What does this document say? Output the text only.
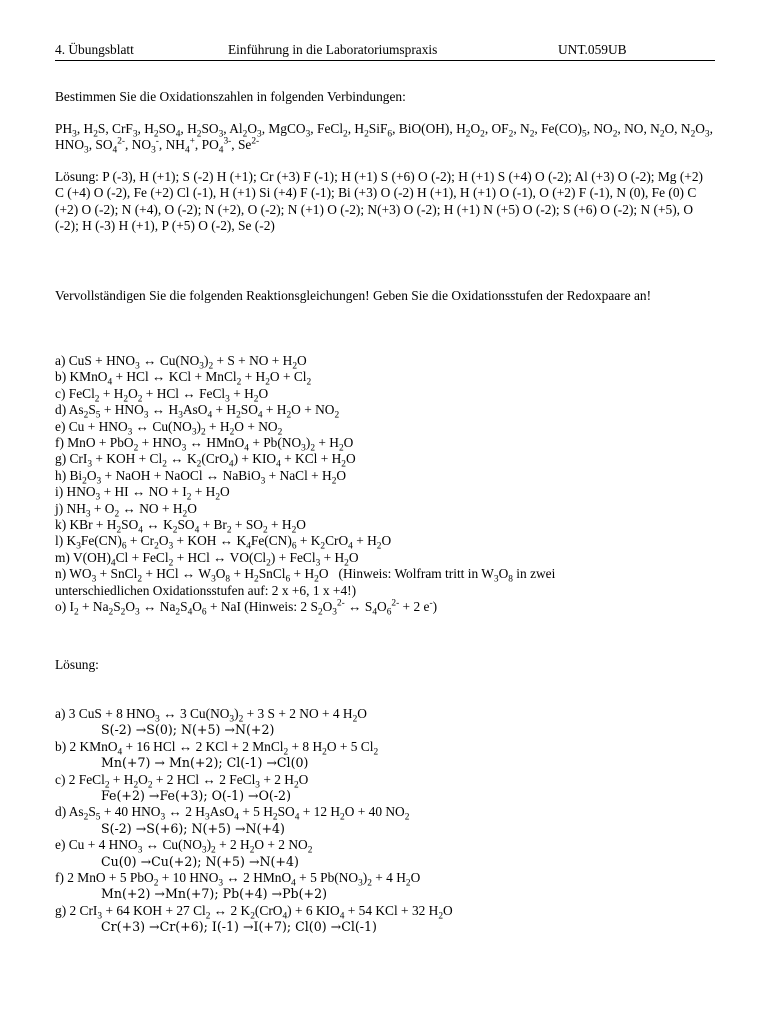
4. Übungsblatt	Einführung in die Laboratoriumspraxis	UNT.059UB
Bestimmen Sie die Oxidationszahlen in folgenden Verbindungen:
$PH_3$, $H_2S$, CrF$_3$, $H_2SO_4$, $H_2SO_3$, $Al_2O_3$, MgCO$_3$, FeCl$_2$, $H_2SiF_6$, BiO(OH), $H_2O_2$, $OF_2$, $N_2$, $Fe(CO)_5$, $NO_2$, NO, $N_2O$, $N_2O_3$, $HNO_3$, $SO_4^{2-}$, $NO_3^-$, $NH_4^+$, $PO_4^{3-}$, $Se^{2-}$
Lösung: P (-3), H (+1); S (-2) H (+1); Cr (+3) F (-1); H (+1) S (+6) O (-2); H (+1) S (+4) O (-2); Al (+3) O (-2); Mg (+2) C (+4) O (-2), Fe (+2) Cl (-1), H (+1) Si (+4) F (-1); Bi (+3) O (-2) H (+1), H (+1) O (-1), O (+2) F (-1), N (0), Fe (0) C (+2) O (-2); N (+4), O (-2); N (+2), O (-2); N (+1) O (-2); N(+3) O (-2); H (+1) N (+5) O (-2); S (+6) O (-2); N (+5), O (-2); H (-3) H (+1), P (+5) O (-2), Se (-2)
Vervollständigen Sie die folgenden Reaktionsgleichungen! Geben Sie die Oxidationsstufen der Redoxpaare an!
a) CuS + $HNO_3$ ↔ $Cu(NO_3)_2 + S$ + NO + $H_2O$
b) KMnO$_4$ + HCl ↔ KCl + MnCl$_2$ + $H_2O + Cl_2$
c) FeCl$_2$ + $H_2O_2$ + HCl ↔ FeCl$_3$ + $H_2O$
d) $As_2S_5 + HNO_3$ ↔ $H_3AsO_4 + H_2SO_4 + H_2O + NO_2$
e) $Cu + HNO_3$ ↔ $Cu(NO_3)_2 + H_2O + NO_2$
f) MnO + $PbO_2 + HNO_3$ ↔ HMnO$_4$ + $Pb(NO_3)_2 + H_2O$
g) CrI$_3$ + KOH + $Cl_2$ ↔ $K_2(CrO_4) + KIO_4$ + KCl + $H_2O$
h) $Bi_2O_3$ + NaOH + NaOCl ↔ NaBiO$_3$ + NaCl + $H_2O$
i) $HNO_3$ + HI ↔ NO + $I_2 + H_2O$
j) $NH_3 + O_2$ ↔ NO + $H_2O$
k) KBr + $H_2SO_4$ ↔ $K_2SO_4 + Br_2 + SO_2 + H_2O$
l) $K_3Fe(CN)_6 + Cr_2O_3$ + KOH ↔ $K_4Fe(CN)_6 + K_2CrO_4 + H_2O$
m) $V(OH)_4Cl$ + FeCl$_2$ + HCl ↔ $VO(Cl_2)$ + FeCl$_3$ + $H_2O$
n) $WO_3$ + SnCl$_2$ + HCl ↔ $W_3O_8$ + $H_2SnCl_6 + H_2O$   (Hinweis: Wolfram tritt in $W_3O_8$ in zwei
unterschiedlichen Oxidationsstufen auf: 2 x +6, 1 x +4!)
o) $I_2 + Na_2S_2O_3$ ↔ $Na_2S_4O_6$ + NaI (Hinweis: 2 $S_2O_3^{2-}$ ↔ $S_4O_6^{2-} + 2$ e-)
Lösung:
a) 3 CuS + 8 $HNO_3$ ↔ 3 $Cu(NO_3)_2 + 3$ S + 2 NO + 4 $H_2O$
S(-2) →S(0); N(+5) →N(+2)
b) 2 KMnO$_4$ + 16 HCl ↔ 2 KCl + 2 MnCl$_2$ + 8 $H_2O + 5$ $Cl_2$
Mn(+7) → Mn(+2); Cl(-1) →Cl(0)
c) 2 FeCl$_2$ + $H_2O_2 + 2$ HCl ↔ 2 FeCl$_3$ + 2 $H_2O$
Fe(+2) →Fe(+3); O(-1) →O(-2)
d) $As_2S_5 + 40$ $HNO_3$ ↔ 2 $H_3AsO_4 + 5$ $H_2SO_4 + 12$ $H_2O + 40$ $NO_2$
S(-2) →S(+6); N(+5) →N(+4)
e) Cu + 4 $HNO_3$ ↔ $Cu(NO_3)_2 + 2$ $H_2O + 2$ $NO_2$
Cu(0) →Cu(+2); N(+5) →N(+4)
f) 2 MnO + 5 PbO$_2$ + 10 $HNO_3$ ↔ 2 HMnO$_4$ + 5 $Pb(NO_3)_2 + 4$ $H_2O$
Mn(+2) →Mn(+7); Pb(+4) →Pb(+2)
g) 2 CrI$_3$ + 64 KOH + 27 $Cl_2$ ↔ 2 $K_2(CrO_4) + 6$ $KIO_4 + 54$ KCl + 32 $H_2O$
Cr(+3) →Cr(+6); I(-1) →I(+7); Cl(0) →Cl(-1)
